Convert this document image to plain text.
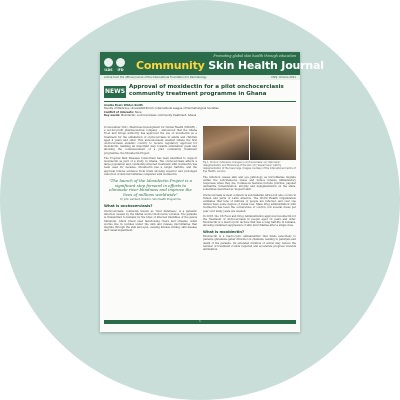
Promoting global skin health through education
ILDS IFD Community Skin Health Journal
Article from the official journal of the International Foundation for Dermatology	CSHJ. Volume 2021
NEWS
Approval of moxidectin for a pilot onchocerciasis community treatment programme in Ghana
Aneliia Bosiv Wilder-Smith
Faculty of Medicine, Universität Zürich; International League of Dermatological Societies
Conflict of interests: None
Key words: Moxidectin; onchocerciasis; community treatment; Ghana

In December 2021, Medicines Development for Global Health (MDGH) – a not-for-profit pharmaceutical company – announced that the Ghana Food and Drugs Authority has approved the use of moxidectin as a treatment for the elimination of onchocerciasis in adults and children aged 4 years and older. This announcement enabled Ghana the first onchocerciasis endemic country to receive regulatory approval for moxidectin, marking an important step towards elimination goals and allowing the commencement of a pilot community treatment programme, the Moxidectin Project.

The Tropical Skin Diseases Consortium has been identified to support moxidectin as part of a study in Ghana. The onchocerciasis affects a large population and community-directed treatment with ivermectin has been used for decades. Moxidectin has a longer half-life, and the approval follows evidence from trials showing superior and prolonged reduction of skin microfilariae compared with ivermectin.

"The launch of the Moxidectin Project is a significant step forward in efforts to eliminate river blindness and improve the lives of millions worldwide"
Dr John Lambert, Director, Skin Health Programme
What is onchocerciasis?

Onchocerciasis, commonly known as 'river blindness', is a parasitic infection caused by the filarial worm Onchocerca volvulus. The parasite is transmitted to humans by the bites of infected blackflies of the genus Simulium, which breed near fast-flowing rivers and streams. Adult worms live in nodules under the skin and release microfilariae that migrate through the skin and eyes, causing intense itching, skin disease and visual impairment.

Fig 1. Chronic cutaneous changes in onchocerciasis: (a) 'lizard skin' depigmentation and thickening of the skin; (b) 'leopard skin' patchy depigmentation of the lower legs. Images courtesy of the International Centre of Eye Health, London.

The infection causes skin and eye pathology as microfilariae migrate within the subcutaneous tissue and induce intense inflammatory responses when they die. Cutaneous features include pruritus, papular dermatitis, lichenification, atrophy and depigmentation on the shins, sometimes described as 'leopard skin'.

Onchocerciasis is most common in sub-Saharan Africa but also occurs in Yemen and parts of Latin America. The World Health Organization estimates that tens of millions of people are infected, and over one million have some degree of visual loss. Mass drug administration with ivermectin has been the cornerstone of control, but several doses per year over many years are needed.

In 2018, the US Food and Drug Administration approved moxidectin for the treatment of onchocerciasis in people aged 12 years and older. Moxidectin is a macrocyclic lactone that has a long half-life in humans, allowing sustained suppression of skin microfilariae after a single dose.

What is moxidectin?

Moxidectin is a macrocyclic anthelminthic that binds selectively to parasite glutamate-gated chloride ion channels, leading to paralysis and death of the parasite. Its extended duration of action may reduce the number of treatment rounds required and accelerate progress towards elimination.

1
